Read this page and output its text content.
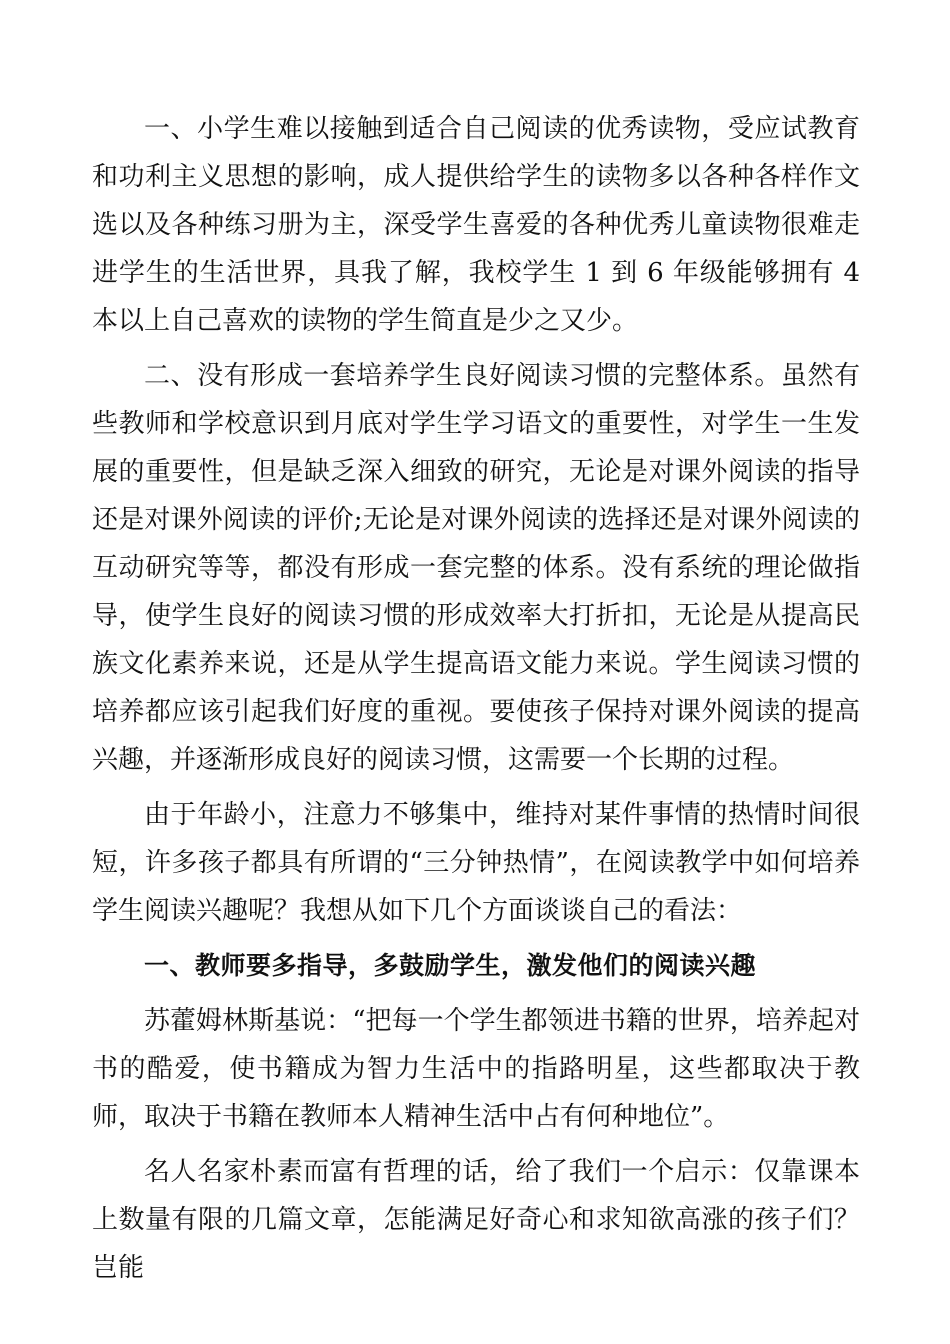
一、小学生难以接触到适合自己阅读的优秀读物，受应试教育和功利主义思想的影响，成人提供给学生的读物多以各种各样作文选以及各种练习册为主，深受学生喜爱的各种优秀儿童读物很难走进学生的生活世界，具我了解，我校学生 1 到 6 年级能够拥有 4 本以上自己喜欢的读物的学生简直是少之又少。

二、没有形成一套培养学生良好阅读习惯的完整体系。虽然有些教师和学校意识到月底对学生学习语文的重要性，对学生一生发展的重要性，但是缺乏深入细致的研究，无论是对课外阅读的指导还是对课外阅读的评价;无论是对课外阅读的选择还是对课外阅读的互动研究等等，都没有形成一套完整的体系。没有系统的理论做指导，使学生良好的阅读习惯的形成效率大打折扣，无论是从提高民族文化素养来说，还是从学生提高语文能力来说。学生阅读习惯的培养都应该引起我们好度的重视。要使孩子保持对课外阅读的提高兴趣，并逐渐形成良好的阅读习惯，这需要一个长期的过程。

由于年龄小，注意力不够集中，维持对某件事情的热情时间很短，许多孩子都具有所谓的“三分钟热情”，在阅读教学中如何培养学生阅读兴趣呢？我想从如下几个方面谈谈自己的看法：

一、教师要多指导，多鼓励学生，激发他们的阅读兴趣

苏藿姆林斯基说：“把每一个学生都领进书籍的世界，培养起对书的酷爱，使书籍成为智力生活中的指路明星，这些都取决于教师，取决于书籍在教师本人精神生活中占有何种地位”。

名人名家朴素而富有哲理的话，给了我们一个启示：仅靠课本上数量有限的几篇文章，怎能满足好奇心和求知欲高涨的孩子们？岂能
